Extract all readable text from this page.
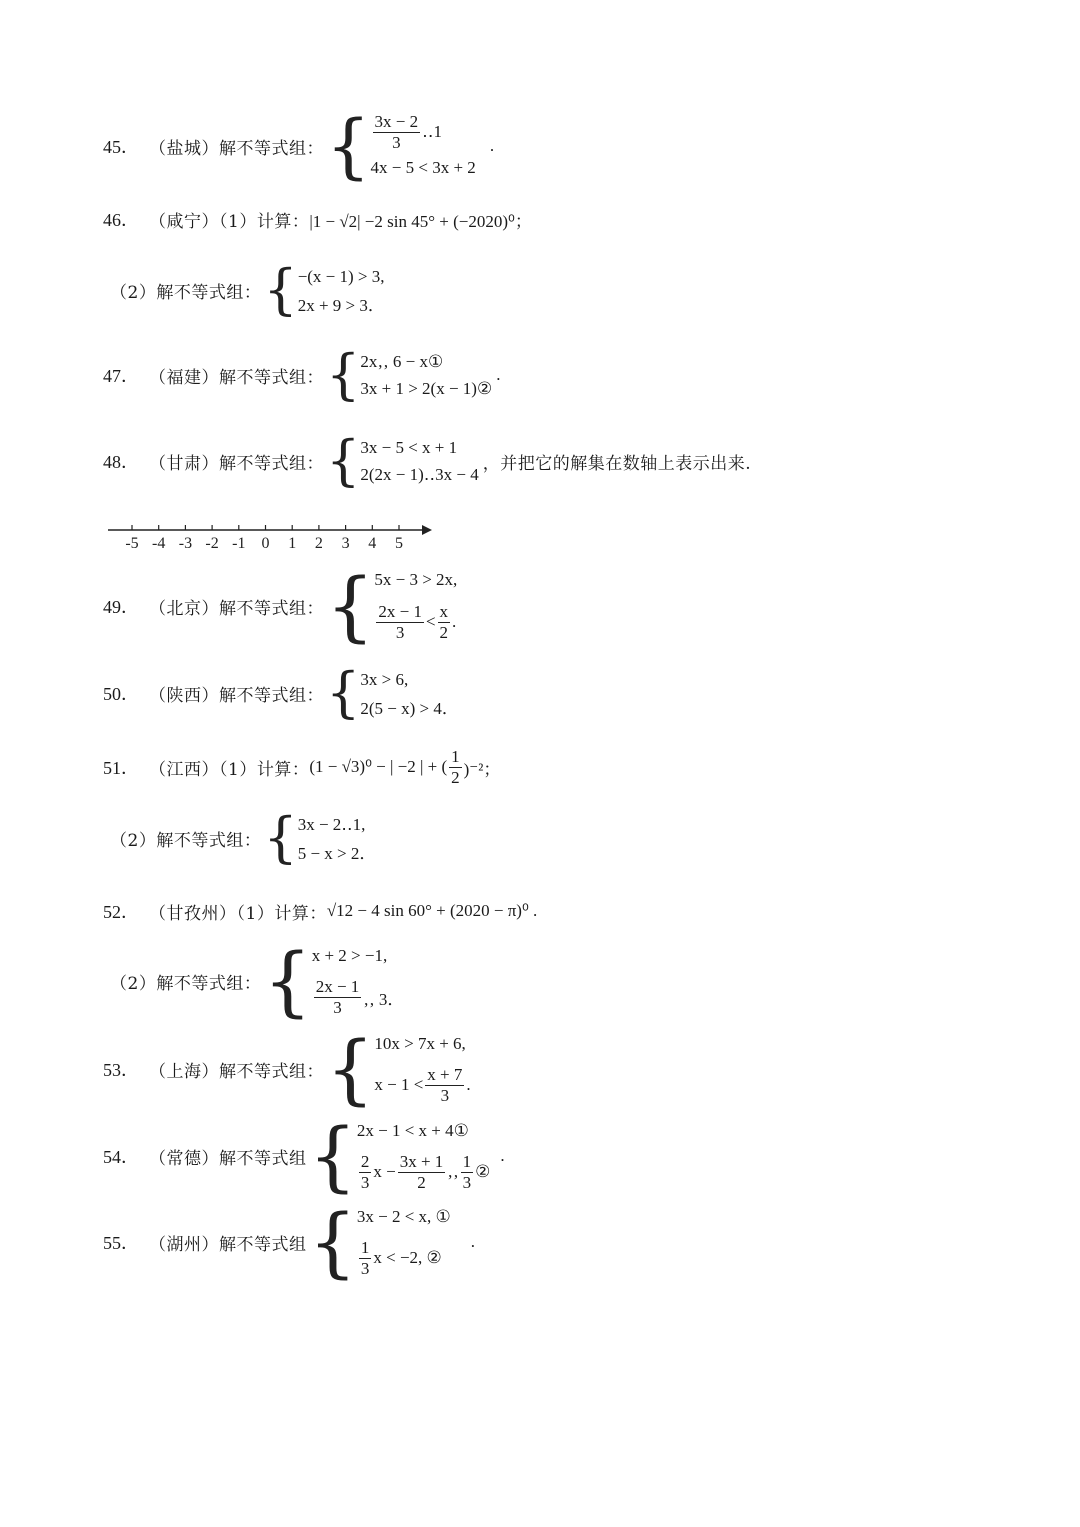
45． （盐城）解不等式组： { $\frac{3x - 2}{3}$ ‥1
4x − 5 < 3x + 2
.
46． （咸宁）（1）计算： |1 − √2| −2 sin 45° + (−2020)⁰；
（2）解不等式组： { −(x − 1) > 3,
2x + 9 > 3．
47． （福建）解不等式组： { 2x‚‚ 6 − x①
3x + 1 > 2(x − 1)②
.
48． （甘肃）解不等式组： { 3x − 5 < x + 1
2(2x − 1)‥3x − 4
，并把它的解集在数轴上表示出来.
-5 -4 -3 -2 -1 0 1 2 3 4 5
49． （北京）解不等式组： { 5x − 3 > 2x,
$\frac{2x - 1}{3} < \frac{x}{2}$ .
50． （陕西）解不等式组： { 3x > 6,
2(5 − x) > 4．
51． （江西）（1）计算： (1 − √3)⁰ − | −2 | + ( $\frac{1}{2} )^{-2}$；
（2）解不等式组： { 3x − 2‥1,
5 − x > 2．
52． （甘孜州）（1）计算： √12 − 4 sin 60° + (2020 − π)⁰ .
（2）解不等式组： { x + 2 > −1,
$\frac{2x - 1}{3}$ ‚‚ 3．
53． （上海）解不等式组： { 10x > 7x + 6,
$x - 1 < \frac{x + 7}{3}$ .
54． （常德）解不等式组 { 2x − 1 < x + 4①
$\frac{2}{3}$ $x - \frac{3x + 1}{2}$ ‚‚ $\frac{1}{3}$ ②
.
55． （湖州）解不等式组 { 3x − 2 < x, ①
$\frac{1}{3}$ x < −2, ②
.
